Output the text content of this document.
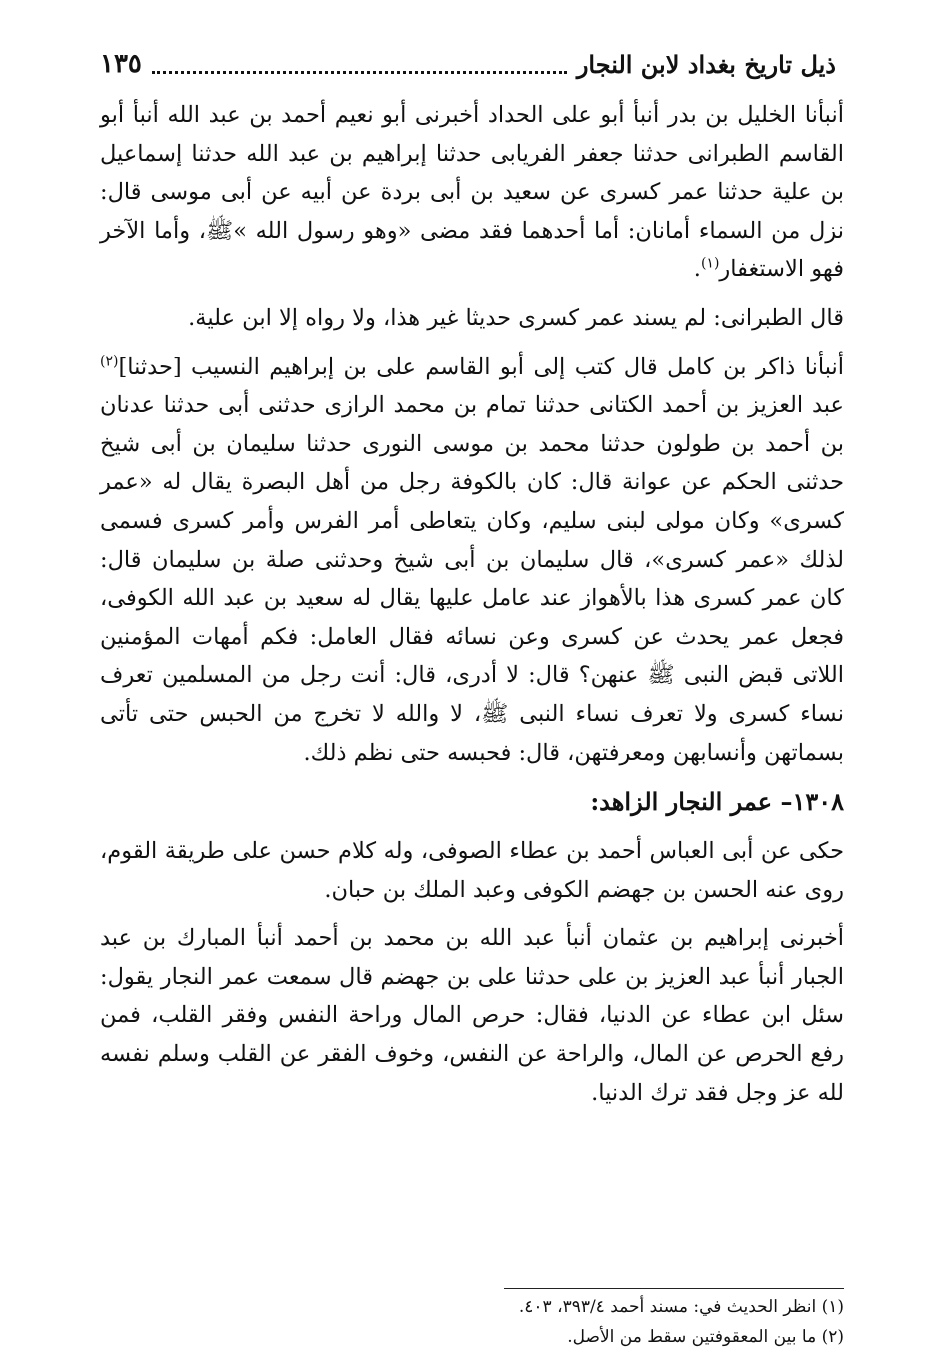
ذيل تاريخ بغداد لابن النجار
١٣٥

أنبأنا الخليل بن بدر أنبأ أبو على الحداد أخبرنى أبو نعيم أحمد بن عبد الله أنبأ أبو القاسم الطبرانى حدثنا جعفر الفريابى حدثنا إبراهيم بن عبد الله حدثنا إسماعيل بن علية حدثنا عمر كسرى عن سعيد بن أبى بردة عن أبيه عن أبى موسى قال: نزل من السماء أمانان: أما أحدهما فقد مضى «وهو رسول الله »ﷺ، وأما الآخر فهو الاستغفار$^{(١)}$.

قال الطبرانى: لم يسند عمر كسرى حديثا غير هذا، ولا رواه إلا ابن علية.

أنبأنا ذاكر بن كامل قال كتب إلى أبو القاسم على بن إبراهيم النسيب [حدثنا]$^{(٢)}$ عبد العزيز بن أحمد الكتانى حدثنا تمام بن محمد الرازى حدثنى أبى حدثنا عدنان بن أحمد بن طولون حدثنا محمد بن موسى النورى حدثنا سليمان بن أبى شيخ حدثنى الحكم عن عوانة قال: كان بالكوفة رجل من أهل البصرة يقال له «عمر كسرى» وكان مولى لبنى سليم، وكان يتعاطى أمر الفرس وأمر كسرى فسمى لذلك «عمر كسرى»، قال سليمان بن أبى شيخ وحدثنى صلة بن سليمان قال: كان عمر كسرى هذا بالأهواز عند عامل عليها يقال له سعيد بن عبد الله الكوفى، فجعل عمر يحدث عن كسرى وعن نسائه فقال العامل: فكم أمهات المؤمنين اللاتى قبض النبى ﷺ عنهن؟ قال: لا أدرى، قال: أنت رجل من المسلمين تعرف نساء كسرى ولا تعرف نساء النبى ﷺ، لا والله لا تخرج من الحبس حتى تأتى بسماتهن وأنسابهن ومعرفتهن، قال: فحبسه حتى نظم ذلك.

١٣٠٨– عمر النجار الزاهد:

حكى عن أبى العباس أحمد بن عطاء الصوفى، وله كلام حسن على طريقة القوم، روى عنه الحسن بن جهضم الكوفى وعبد الملك بن حبان.

أخبرنى إبراهيم بن عثمان أنبأ عبد الله بن محمد بن أحمد أنبأ المبارك بن عبد الجبار أنبأ عبد العزيز بن على حدثنا على بن جهضم قال سمعت عمر النجار يقول: سئل ابن عطاء عن الدنيا، فقال: حرص المال وراحة النفس وفقر القلب، فمن رفع الحرص عن المال، والراحة عن النفس، وخوف الفقر عن القلب وسلم نفسه لله عز وجل فقد ترك الدنيا.

(١) انظر الحديث في: مسند أحمد ٣٩٣/٤، ٤٠٣.
(٢) ما بين المعقوفتين سقط من الأصل.
